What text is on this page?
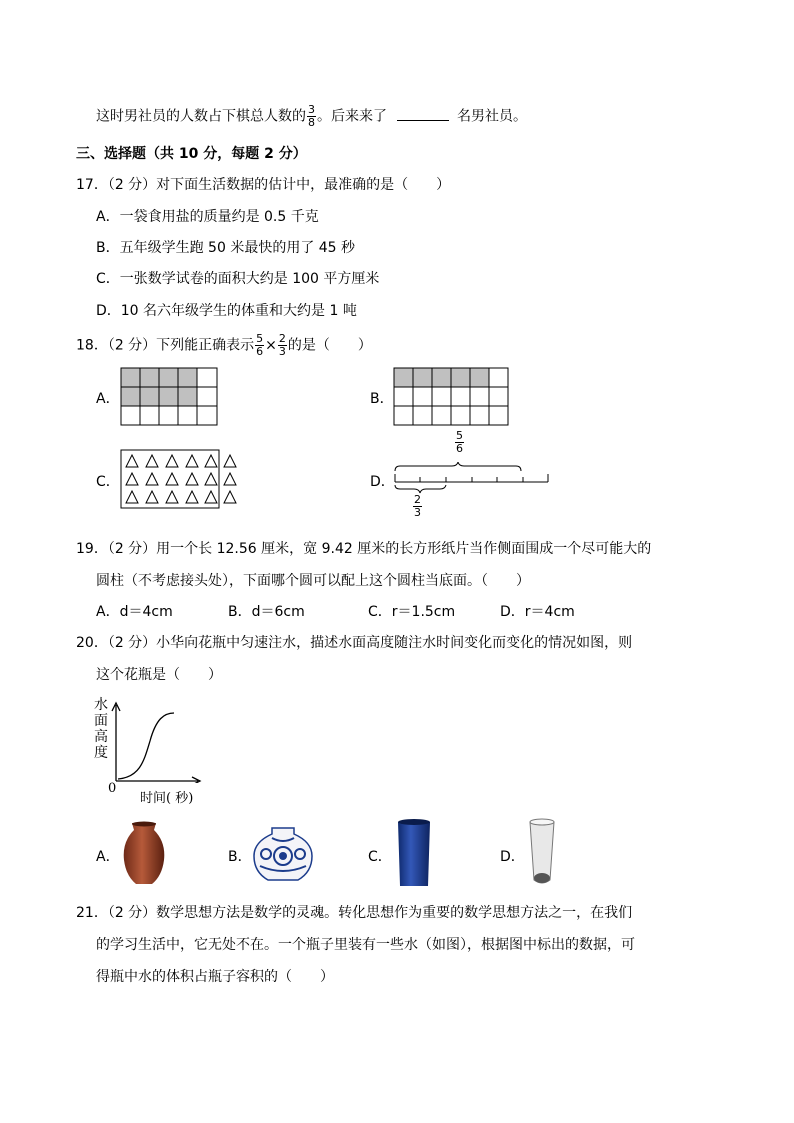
这时男社员的人数占下棋总人数的 $\frac{3}{8}$ 。后来来了	名男社员。
三、选择题（共 10 分，每题 2 分）
17．（2 分）对下面生活数据的估计中，最准确的是（　　）
A．一袋食用盐的质量约是 0.5 千克
B．五年级学生跑 50 米最快的用了 45 秒
C．一张数学试卷的面积大约是 100 平方厘米
D．10 名六年级学生的体重和大约是 1 吨
18．（2 分）下列能正确表示 $\frac{5}{6} \times \frac{2}{3}$ 的是（　　）
A．	B．
C．	D．
$\frac{5}{6}$
$\frac{2}{3}$
19．（2 分）用一个长 12.56 厘米，宽 9.42 厘米的长方形纸片当作侧面围成一个尽可能大的
圆柱（不考虑接头处），下面哪个圆可以配上这个圆柱当底面。（　　）
A．d＝4cm	B．d＝6cm	C．r＝1.5cm	D．r＝4cm
20．（2 分）小华向花瓶中匀速注水，描述水面高度随注水时间变化而变化的情况如图，则
这个花瓶是（　　）
水
面
高
度
0
时间( 秒)
A．	B．	C．	D．
21．（2 分）数学思想方法是数学的灵魂。转化思想作为重要的数学思想方法之一，在我们
的学习生活中，它无处不在。一个瓶子里装有一些水（如图），根据图中标出的数据，可
得瓶中水的体积占瓶子容积的（　　）
